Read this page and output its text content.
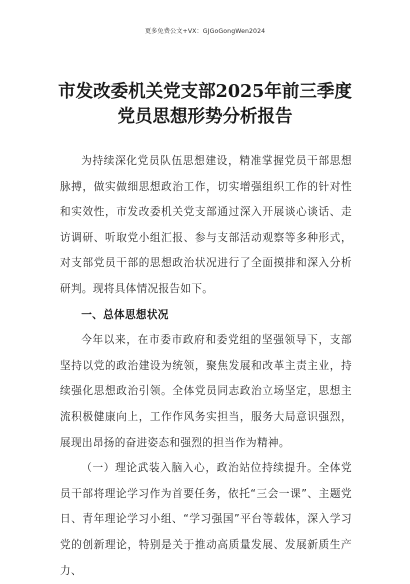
更多免费公文+VX：GJGoGongWen2024
市发改委机关党支部2025年前三季度党员思想形势分析报告

为持续深化党员队伍思想建设，精准掌握党员干部思想脉搏，做实做细思想政治工作，切实增强组织工作的针对性和实效性，市发改委机关党支部通过深入开展谈心谈话、走访调研、听取党小组汇报、参与支部活动观察等多种形式，对支部党员干部的思想政治状况进行了全面摸排和深入分析研判。现将具体情况报告如下。

一、总体思想状况

今年以来，在市委市政府和委党组的坚强领导下，支部坚持以党的政治建设为统领，聚焦发展和改革主责主业，持续强化思想政治引领。全体党员同志政治立场坚定，思想主流积极健康向上，工作作风务实担当，服务大局意识强烈，展现出昂扬的奋进姿态和强烈的担当作为精神。

（一）理论武装入脑入心，政治站位持续提升。全体党员干部将理论学习作为首要任务，依托“三会一课”、主题党日、青年理论学习小组、“学习强国”平台等载体，深入学习党的创新理论，特别是关于推动高质量发展、发展新质生产力、
